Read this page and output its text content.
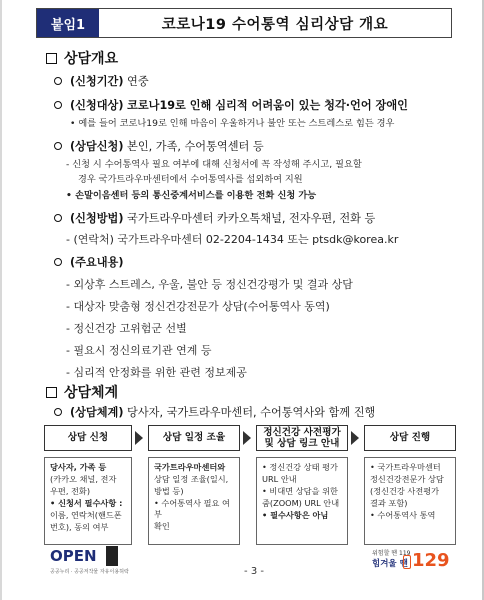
붙임1	코로나19 수어통역 심리상담 개요
상담개요
(신청기간)
연중
(신청대상)
코로나19로 인해 심리적 어려움이 있는 청각·언어 장애인
• 예를 들어 코로나19로 인해 마음이 우울하거나 불안 또는 스트레스로 힘든 경우
(상담신청)
본인, 가족, 수어통역센터 등
- 신청 시 수어통역사 필요 여부에 대해 신청서에 꼭 작성해 주시고, 필요할
경우 국가트라우마센터에서 수어통역사를 섭외하여 지원
• 손말이음센터 등의 통신중계서비스를 이용한 전화 신청 가능
(신청방법)
국가트라우마센터 카카오톡채널, 전자우편, 전화 등
- (연락처) 국가트라우마센터 02-2204-1434 또는 ptsdk@korea.kr
(주요내용)
- 외상후 스트레스, 우울, 불안 등 정신건강평가 및 결과 상담
- 대상자 맞춤형 정신건강전문가 상담(수어통역사 동역)
- 정신건강 고위험군 선별
- 필요시 정신의료기관 연계 등
- 심리적 안정화를 위한 관련 정보제공
상담체계
(상담체계)
당사자, 국가트라우마센터, 수어통역사와 함께 진행
상담 신청	상담 일정 조율
정신건강 사전평가
및 상담 링크 안내
상담 진행
당사자, 가족 등
(카카오 채널, 전자
우편, 전화)
• 신청서 필수사항 :
이름, 연락처(핸드폰
번호), 동의 여부
국가트라우마센터와
상담 일정 조율(일시,
방법 등)
• 수어통역사 필요 여부
확인
• 정신건강 상태 평가
URL 안내
• 비대면 상담을 위한
줌(ZOOM) URL 안내
• 필수사항은 아님
• 국가트라우마센터
정신건강전문가 상담
(정신건강 사전평가
결과 포함)
• 수어통역사 통역
OPEN
공공누리 · 공공저작물 자유이용허락	- 3 -
위험할 땐 119
힘겨울 땐 129
